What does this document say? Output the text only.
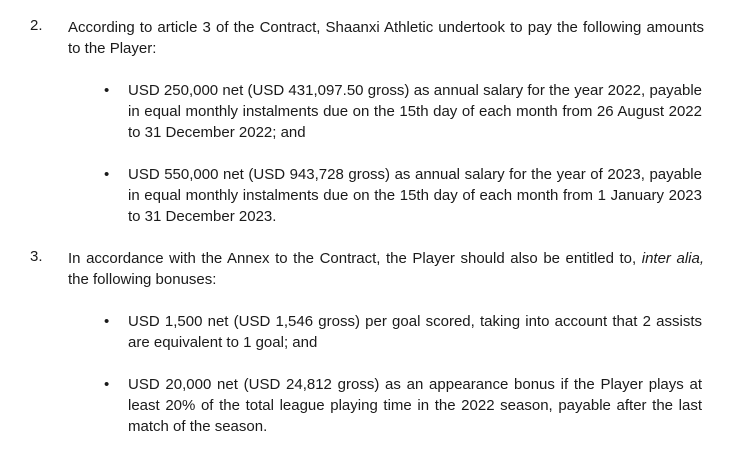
2.	According to article 3 of the Contract, Shaanxi Athletic undertook to pay the following amounts to the Player:
• USD 250,000 net (USD 431,097.50 gross) as annual salary for the year 2022, payable in equal monthly instalments due on the 15th day of each month from 26 August 2022 to 31 December 2022; and
• USD 550,000 net (USD 943,728 gross) as annual salary for the year of 2023, payable in equal monthly instalments due on the 15th day of each month from 1 January 2023 to 31 December 2023.
3.	In accordance with the Annex to the Contract, the Player should also be entitled to, inter alia, the following bonuses:
• USD 1,500 net (USD 1,546 gross) per goal scored, taking into account that 2 assists are equivalent to 1 goal; and
• USD 20,000 net (USD 24,812 gross) as an appearance bonus if the Player plays at least 20% of the total league playing time in the 2022 season, payable after the last match of the season.
